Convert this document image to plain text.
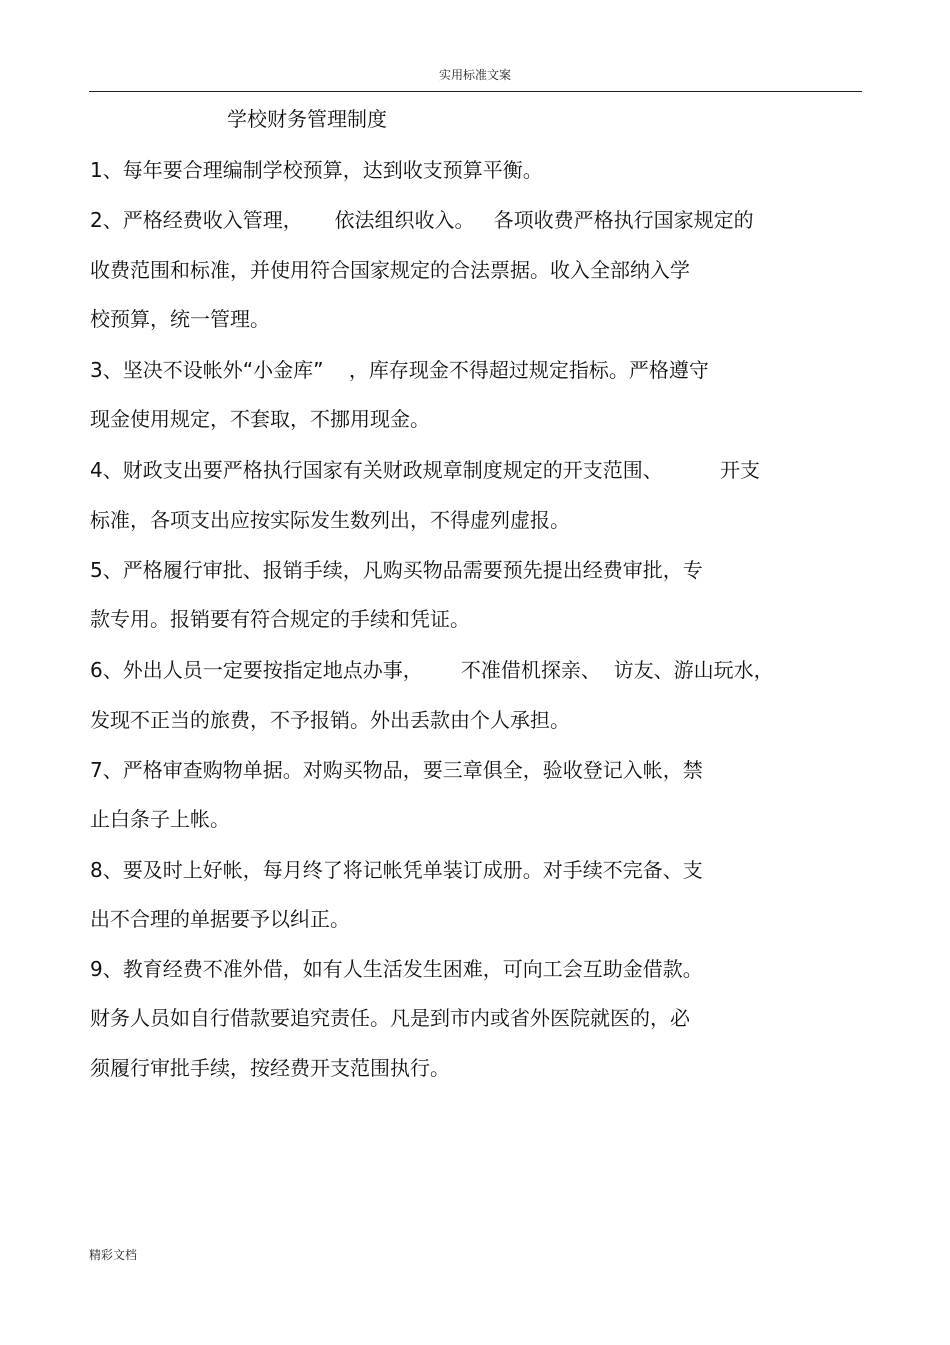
实用标准文案
学校财务管理制度
1、每年要合理编制学校预算，达到收支预算平衡。
2、严格经费收入管理，     依法组织收入。   各项收费严格执行国家规定的
收费范围和标准，并使用符合国家规定的合法票据。收入全部纳入学
校预算，统一管理。
3、坚决不设帐外“小金库”    ，库存现金不得超过规定指标。严格遵守
现金使用规定，不套取，不挪用现金。
4、财政支出要严格执行国家有关财政规章制度规定的开支范围、         开支
标准，各项支出应按实际发生数列出，不得虚列虚报。
5、严格履行审批、报销手续，凡购买物品需要预先提出经费审批，专
款专用。报销要有符合规定的手续和凭证。
6、外出人员一定要按指定地点办事，      不准借机探亲、  访友、游山玩水，
发现不正当的旅费，不予报销。外出丢款由个人承担。
7、严格审查购物单据。对购买物品，要三章俱全，验收登记入帐，禁
止白条子上帐。
8、要及时上好帐，每月终了将记帐凭单装订成册。对手续不完备、支
出不合理的单据要予以纠正。
9、教育经费不准外借，如有人生活发生困难，可向工会互助金借款。
财务人员如自行借款要追究责任。凡是到市内或省外医院就医的，必
须履行审批手续，按经费开支范围执行。
精彩文档
